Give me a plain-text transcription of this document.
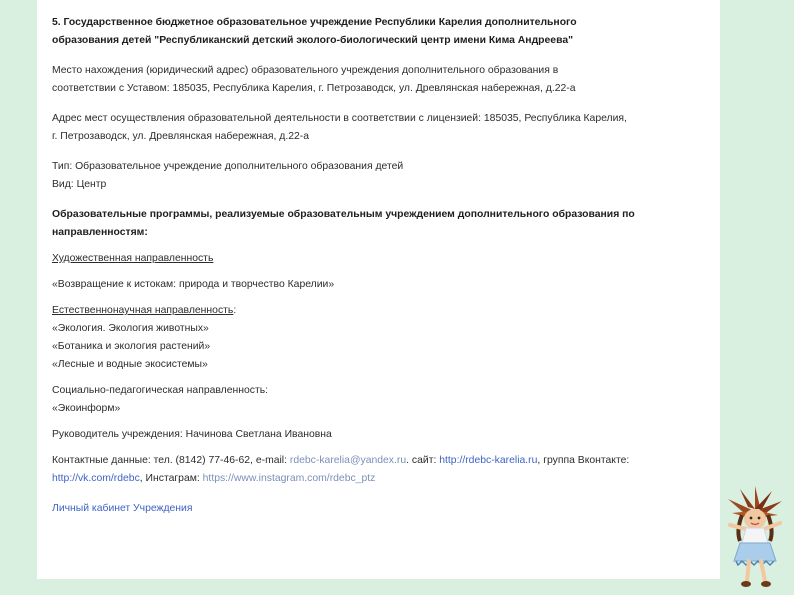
5. Государственное бюджетное образовательное учреждение Республики Карелия дополнительного

образования детей "Республиканский детский эколого-биологический центр имени Кима Андреева"

Место нахождения (юридический адрес) образовательного учреждения дополнительного образования в

соответствии с Уставом: 185035, Республика Карелия, г. Петрозаводск, ул. Древлянская набережная, д.22-а

Адрес мест осуществления образовательной деятельности в соответствии с лицензией: 185035, Республика Карелия,

г. Петрозаводск, ул. Древлянская набережная, д.22-а

Тип: Образовательное учреждение дополнительного образования детей

Вид: Центр

Образовательные программы, реализуемые образовательным учреждением дополнительного образования по

направленностям:

Художественная направленность

«Возвращение к истокам: природа и творчество Карелии»

Естественнонаучная направленность:

«Экология. Экология животных»

«Ботаника и экология растений»

«Лесные и водные экосистемы»

Социально-педагогическая направленность:

«Экоинформ»

Руководитель учреждения: Начинова Светлана Ивановна

Контактные данные: тел. (8142) 77-46-62, e-mail: rdebc-karelia@yandex.ru. сайт: http://rdebc-karelia.ru, группа Вконтакте:

http://vk.com/rdebc, Инстаграм: https://www.instagram.com/rdebc_ptz

Личный кабинет Учреждения
